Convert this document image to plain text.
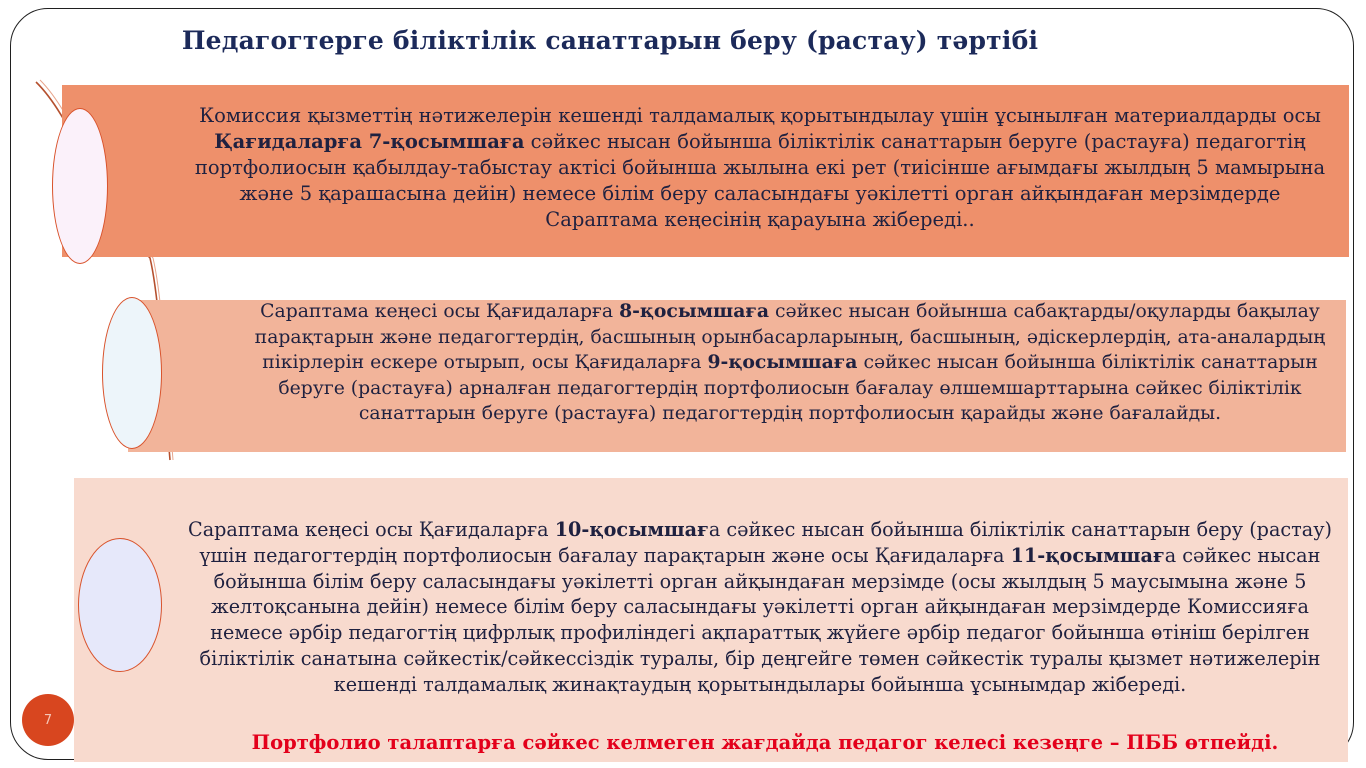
Педагогтерге біліктілік санаттарын беру (растау) тәртібі
Комиссия қызметтің нәтижелерін кешенді талдамалық қорытындылау үшін ұсынылған материалдарды осы Қағидаларға 7-қосымшаға сәйкес нысан бойынша біліктілік санаттарын беруге (растауға) педагогтің портфолиосын қабылдау-табыстау актісі бойынша жылына екі рет (тиісінше ағымдағы жылдың 5 мамырына және 5 қарашасына дейін) немесе білім беру саласындағы уәкілетті орган айқындаған мерзімдерде Сараптама кеңесінің қарауына жібереді..
Сараптама кеңесі осы Қағидаларға 8-қосымшаға сәйкес нысан бойынша сабақтарды/оқуларды бақылау парақтарын және педагогтердің, басшының орынбасарларының, басшының, әдіскерлердің, ата-аналардың пікірлерін ескере отырып, осы Қағидаларға 9-қосымшаға сәйкес нысан бойынша біліктілік санаттарын беруге (растауға) арналған педагогтердің портфолиосын бағалау өлшемшарттарына сәйкес біліктілік санаттарын беруге (растауға) педагогтердің портфолиосын қарайды және бағалайды.
Сараптама кеңесі осы Қағидаларға 10-қосымшаға сәйкес нысан бойынша біліктілік санаттарын беру (растау) үшін педагогтердің портфолиосын бағалау парақтарын және осы Қағидаларға 11-қосымшаға сәйкес нысан бойынша білім беру саласындағы уәкілетті орган айқындаған мерзімде (осы жылдың 5 маусымына және 5 желтоқсанына дейін) немесе білім беру саласындағы уәкілетті орган айқындаған мерзімдерде Комиссияға немесе әрбір педагогтің цифрлық профиліндегі ақпараттық жүйеге әрбір педагог бойынша өтініш берілген біліктілік санатына сәйкестік/сәйкессіздік туралы, бір деңгейге төмен сәйкестік туралы қызмет нәтижелерін кешенді талдамалық жинақтаудың қорытындылары бойынша ұсынымдар жібереді.
Портфолио талаптарға сәйкес келмеген жағдайда педагог келесі кезеңге – ПББ өтпейді.
7
